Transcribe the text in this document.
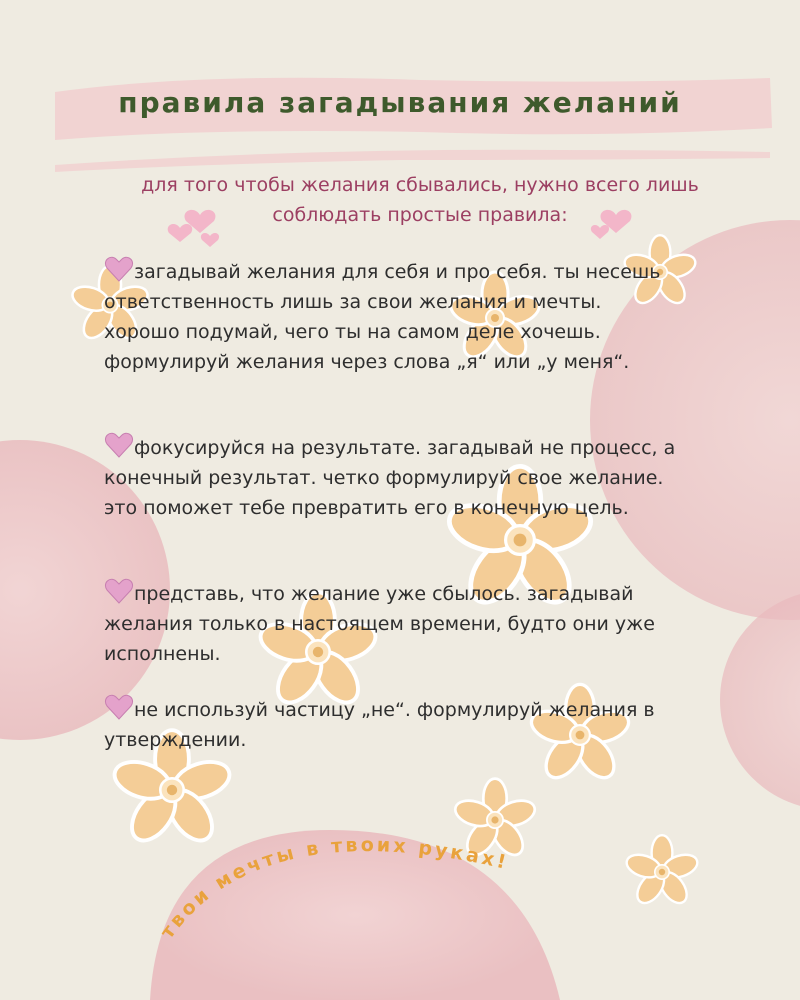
правила загадывания желаний
для того чтобы желания сбывались, нужно всего лишь соблюдать простые правила:

загадывай желания для себя и про себя. ты несешь ответственность лишь за свои желания и мечты.

хорошо подумай, чего ты на самом деле хочешь.

формулируй желания через слова „я“ или „у меня“.

фокусируйся на результате. загадывай не процесс, а конечный результат. четко формулируй свое желание.

это поможет тебе превратить его в конечную цель.

представь, что желание уже сбылось. загадывай желания только в настоящем времени, будто они уже исполнены.

не используй частицу „не“. формулируй желания в утверждении.

твои мечты в твоих руках!
